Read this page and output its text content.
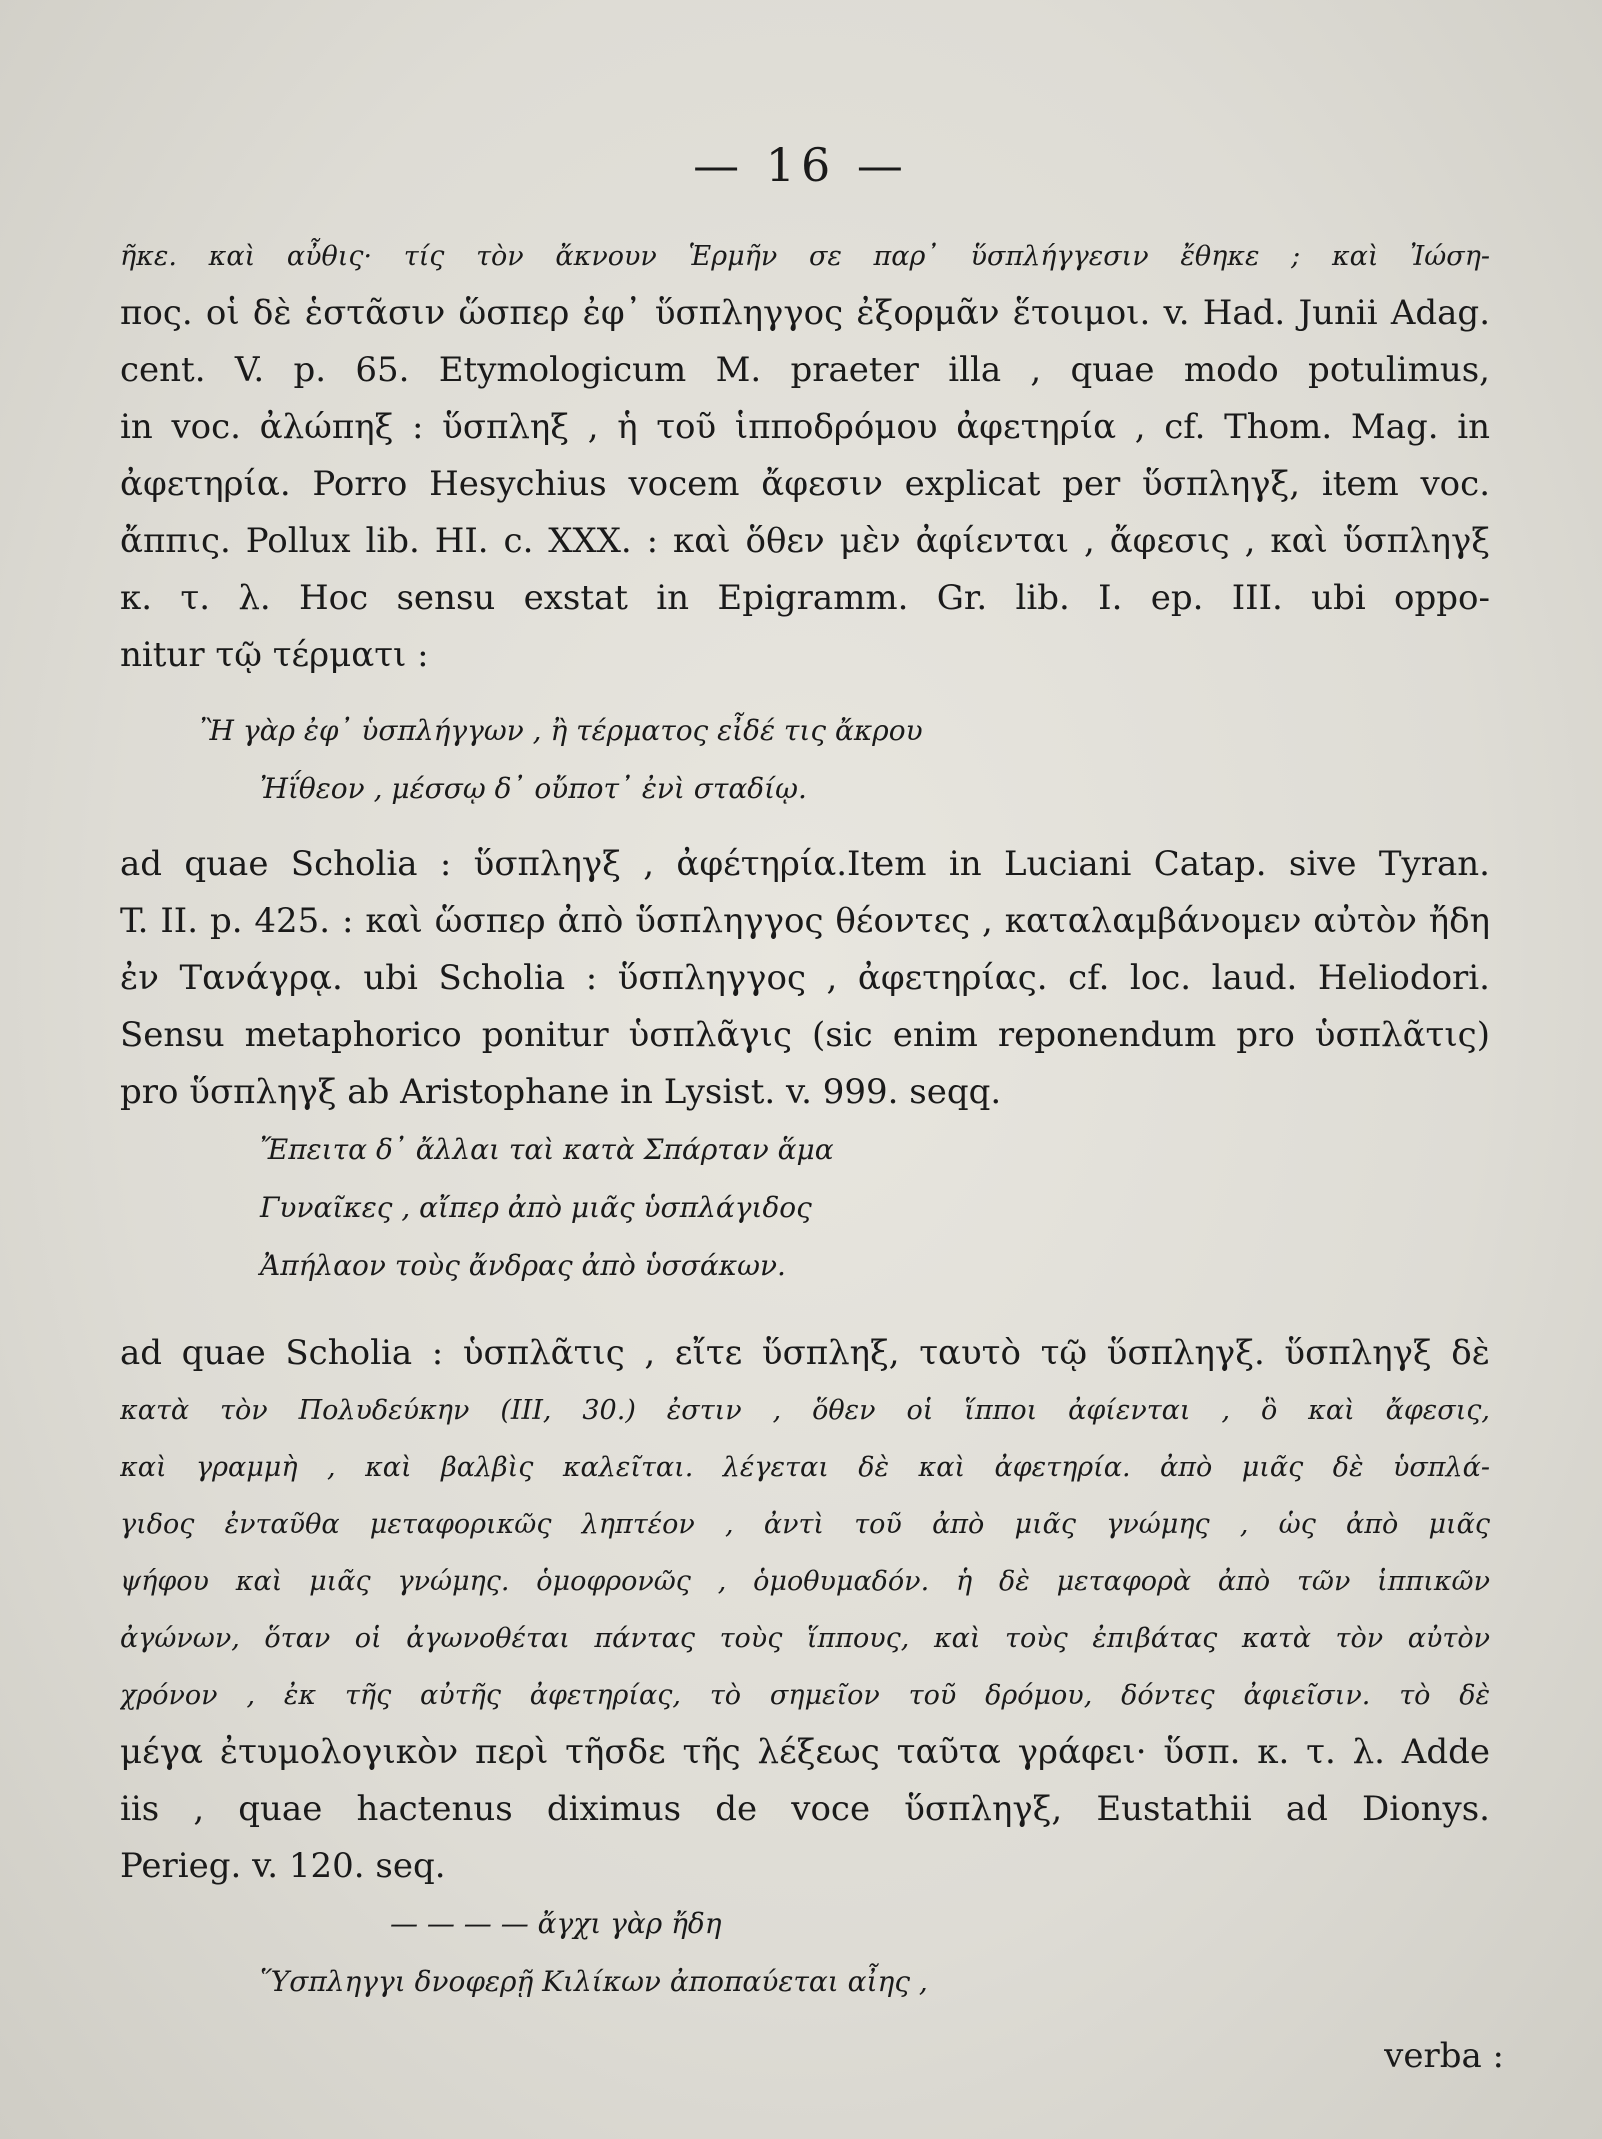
— 16 —
ῆκε. καὶ αὖθις· τίς τὸν ἄκνουν Ἑρμῆν σε παρ᾽ ὕσπλήγγεσιν ἔθηκε ; καὶ Ἰώση-
πος. οἱ δὲ ἑστᾶσιν ὥσπερ ἐφ᾽ ὕσπληγγος ἐξορμᾶν ἕτοιμοι. v. Had. Junii Adag.
cent. V. p. 65. Etymologicum M. praeter illa , quae modo potulimus,
in voc. ἀλώπηξ : ὕσπληξ , ἡ τοῦ ἱπποδρόμου ἀφετηρία , cf. Thom. Mag. in
ἀφετηρία. Porro Hesychius vocem ἄφεσιν explicat per ὕσπληγξ, item voc.
ἄππις. Pollux lib. HI. c. XXX. : καὶ ὅθεν μὲν ἀφίενται , ἄφεσις , καὶ ὕσπληγξ
κ. τ. λ. Hoc sensu exstat in Epigramm. Gr. lib. I. ep. III. ubi oppo-
nitur τῷ τέρματι :
Ἢ γὰρ ἐφ᾽ ὑσπλήγγων , ἢ τέρματος εἶδέ τις ἄκρου
Ἠΐθεον , μέσσῳ δ᾽ οὔποτ᾽ ἐνὶ σταδίῳ.
ad quae Scholia : ὕσπληγξ , ἀφέτηρία.Item in Luciani Catap. sive Tyran.
T. II. p. 425. : καὶ ὥσπερ ἀπὸ ὕσπληγγος θέοντες , καταλαμβάνομεν αὐτὸν ἤδη
ἐν Τανάγρᾳ. ubi Scholia : ὕσπληγγος , ἀφετηρίας. cf. loc. laud. Heliodori.
Sensu metaphorico ponitur ὑσπλᾶγις (sic enim reponendum pro ὑσπλᾶτις)
pro ὕσπληγξ ab Aristophane in Lysist. v. 999. seqq.
Ἔπειτα δ᾽ ἄλλαι ταὶ κατὰ Σπάρταν ἅμα
Γυναῖκες , αἴπερ ἀπὸ μιᾶς ὑσπλάγιδος
Ἀπήλαον τοὺς ἄνδρας ἀπὸ ὑσσάκων.
ad quae Scholia : ὑσπλᾶτις , εἴτε ὕσπληξ, ταυτὸ τῷ ὕσπληγξ. ὕσπληγξ δὲ
κατὰ τὸν Πολυδεύκην (III, 30.) ἐστιν , ὅθεν οἱ ἵπποι ἀφίενται , ὃ καὶ ἄφεσις,
καὶ γραμμὴ , καὶ βαλβὶς καλεῖται. λέγεται δὲ καὶ ἀφετηρία. ἀπὸ μιᾶς δὲ ὑσπλά-
γιδος ἐνταῦθα μεταφορικῶς ληπτέον , ἀντὶ τοῦ ἀπὸ μιᾶς γνώμης , ὡς ἀπὸ μιᾶς
ψήφου καὶ μιᾶς γνώμης. ὁμοφρονῶς , ὁμοθυμαδόν. ἡ δὲ μεταφορὰ ἀπὸ τῶν ἱππικῶν
ἀγώνων, ὅταν οἱ ἀγωνοθέται πάντας τοὺς ἵππους, καὶ τοὺς ἐπιβάτας κατὰ τὸν αὐτὸν
χρόνον , ἐκ τῆς αὐτῆς ἀφετηρίας, τὸ σημεῖον τοῦ δρόμου, δόντες ἀφιεῖσιν. τὸ δὲ
μέγα ἐτυμολογικὸν περὶ τῆσδε τῆς λέξεως ταῦτα γράφει· ὕσπ. κ. τ. λ. Adde
iis , quae hactenus diximus de voce ὕσπληγξ, Eustathii ad Dionys.
Perieg. v. 120. seq.
— — — — ἄγχι γὰρ ἤδη
Ὕσπληγγι δνοφερῇ Κιλίκων ἀποπαύεται αἶης ,
verba :
